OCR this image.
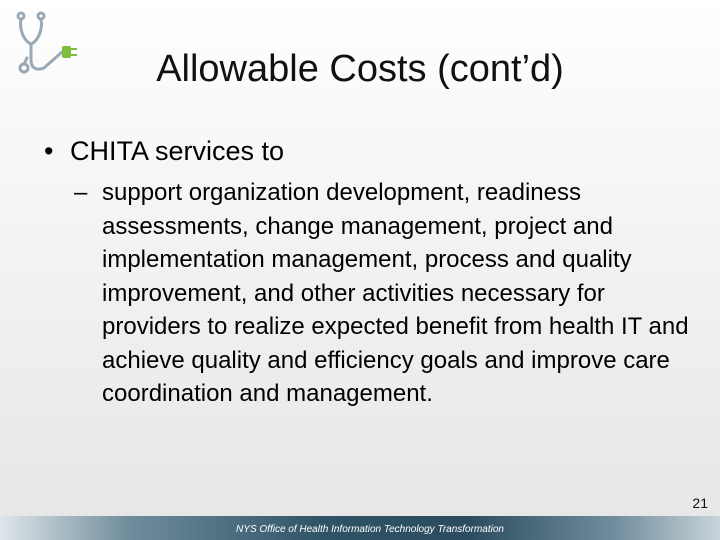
Allowable Costs (cont’d)
• CHITA services to
– support organization development, readiness assessments, change management, project and implementation management, process and quality improvement, and other activities necessary for providers to realize expected benefit from health IT and achieve quality and efficiency goals and improve care coordination and management.
21
NYS Office of Health Information Technology Transformation
